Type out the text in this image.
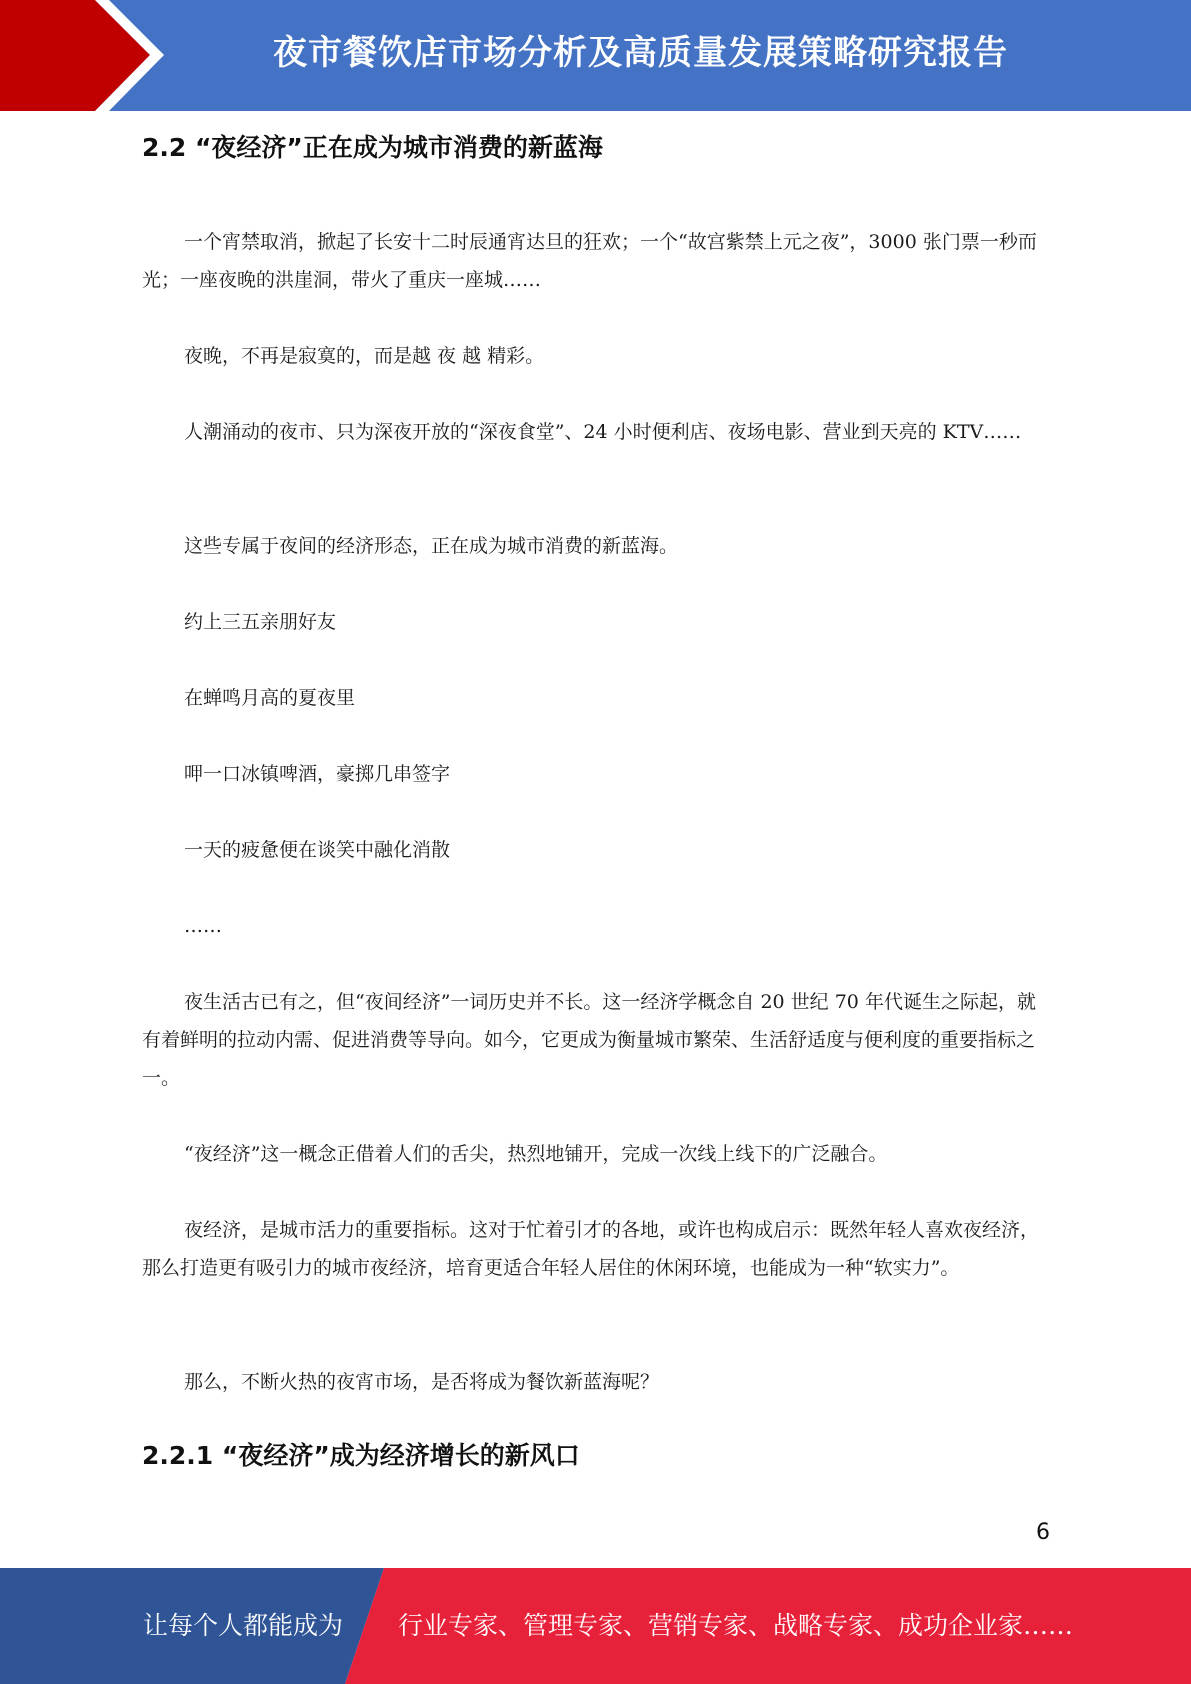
夜市餐饮店市场分析及高质量发展策略研究报告
2.2 “夜经济”正在成为城市消费的新蓝海
一个宵禁取消，掀起了长安十二时辰通宵达旦的狂欢；一个“故宫紫禁上元之夜”，3000 张门票一秒而光；一座夜晚的洪崖洞，带火了重庆一座城……
夜晚，不再是寂寞的，而是越 夜 越 精彩。
人潮涌动的夜市、只为深夜开放的“深夜食堂”、24 小时便利店、夜场电影、营业到天亮的 KTV……
这些专属于夜间的经济形态，正在成为城市消费的新蓝海。
约上三五亲朋好友
在蝉鸣月高的夏夜里
呷一口冰镇啤酒，豪掷几串签字
一天的疲惫便在谈笑中融化消散
……
夜生活古已有之，但“夜间经济”一词历史并不长。这一经济学概念自 20 世纪 70 年代诞生之际起，就有着鲜明的拉动内需、促进消费等导向。如今，它更成为衡量城市繁荣、生活舒适度与便利度的重要指标之一。
“夜经济”这一概念正借着人们的舌尖，热烈地铺开，完成一次线上线下的广泛融合。
夜经济，是城市活力的重要指标。这对于忙着引才的各地，或许也构成启示：既然年轻人喜欢夜经济，那么打造更有吸引力的城市夜经济，培育更适合年轻人居住的休闲环境，也能成为一种“软实力”。
那么，不断火热的夜宵市场，是否将成为餐饮新蓝海呢？
2.2.1 “夜经济”成为经济增长的新风口
6
让每个人都能成为 行业专家、管理专家、营销专家、战略专家、成功企业家……
